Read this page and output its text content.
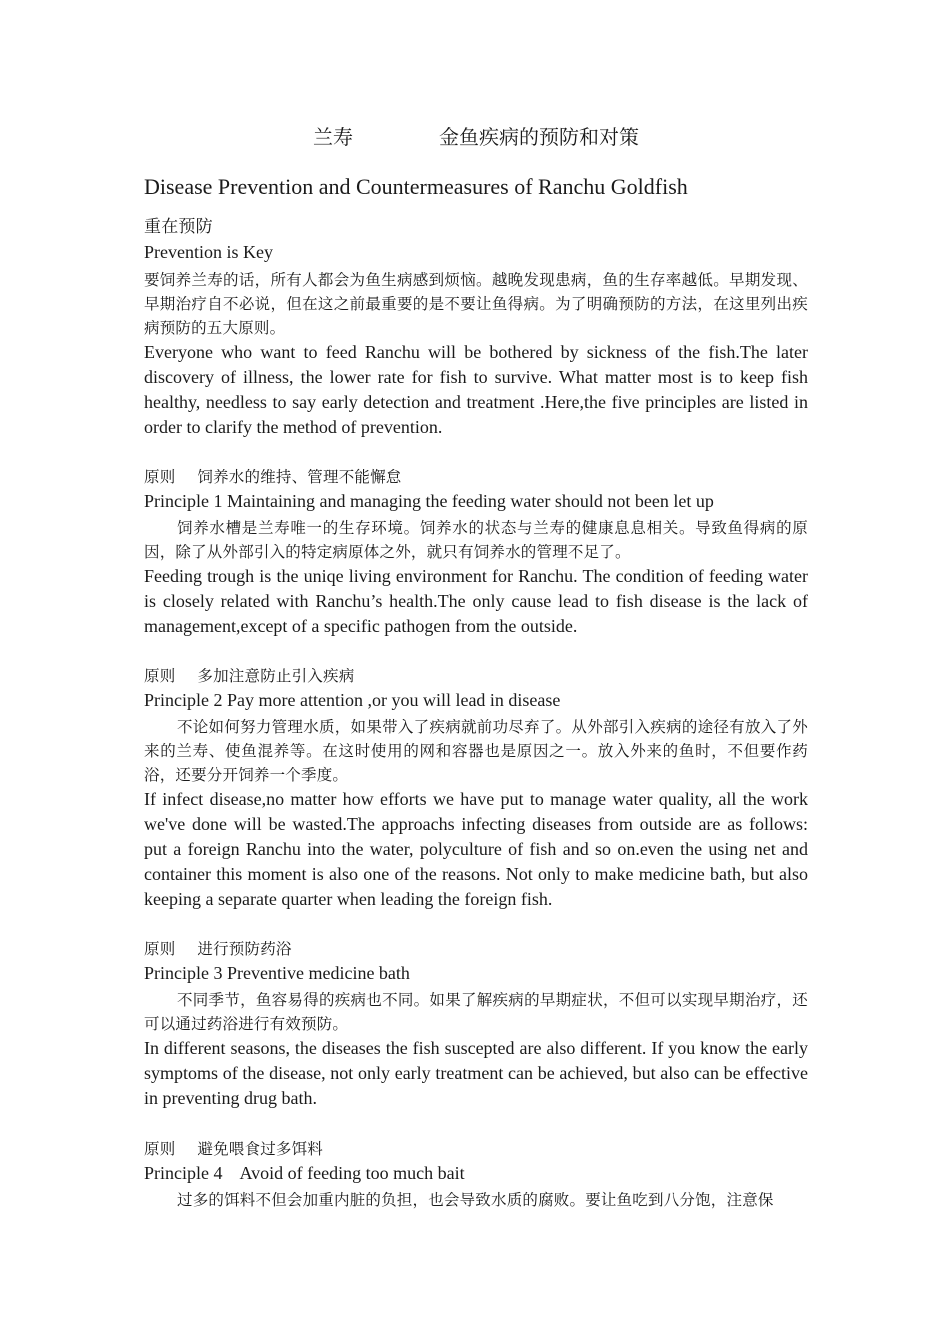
兰寿	金鱼疾病的预防和对策
Disease Prevention and Countermeasures of Ranchu Goldfish

重在预防

Prevention is Key

要饲养兰寿的话，所有人都会为鱼生病感到烦恼。越晚发现患病，鱼的生存率越低。早期发现、早期治疗自不必说，但在这之前最重要的是不要让鱼得病。为了明确预防的方法，在这里列出疾病预防的五大原则。

Everyone who want to feed Ranchu will be bothered by sickness of the fish.The later discovery of illness, the lower rate for fish to survive. What matter most is to keep fish healthy, needless to say early detection and treatment .Here,the five principles are listed in order to clarify the method of prevention.

原则 饲养水的维持、管理不能懈怠

Principle 1 Maintaining and managing the feeding water should not been let up

饲养水槽是兰寿唯一的生存环境。饲养水的状态与兰寿的健康息息相关。导致鱼得病的原因，除了从外部引入的特定病原体之外，就只有饲养水的管理不足了。

Feeding trough is the uniqe living environment for Ranchu. The condition of feeding water is closely related with Ranchu’s health.The only cause lead to fish disease is the lack of management,except of a specific pathogen from the outside.

原则 多加注意防止引入疾病

Principle 2 Pay more attention ,or you will lead in disease

不论如何努力管理水质，如果带入了疾病就前功尽弃了。从外部引入疾病的途径有放入了外来的兰寿、使鱼混养等。在这时使用的网和容器也是原因之一。放入外来的鱼时，不但要作药浴，还要分开饲养一个季度。

If infect disease,no matter how efforts we have put to manage water quality, all the work we've done will be wasted.The approachs infecting diseases from outside are as follows: put a foreign Ranchu into the water, polyculture of fish and so on.even the using net and container this moment is also one of the reasons. Not only to make medicine bath, but also keeping a separate quarter when leading the foreign fish.

原则 进行预防药浴

Principle 3 Preventive medicine bath

不同季节，鱼容易得的疾病也不同。如果了解疾病的早期症状，不但可以实现早期治疗，还可以通过药浴进行有效预防。

In different seasons, the diseases the fish suscepted are also different. If you know the early symptoms of the disease, not only early treatment can be achieved, but also can be effective in preventing drug bath.

原则 避免喂食过多饵料

Principle 4    Avoid of feeding too much bait

过多的饵料不但会加重内脏的负担，也会导致水质的腐败。要让鱼吃到八分饱，注意保
